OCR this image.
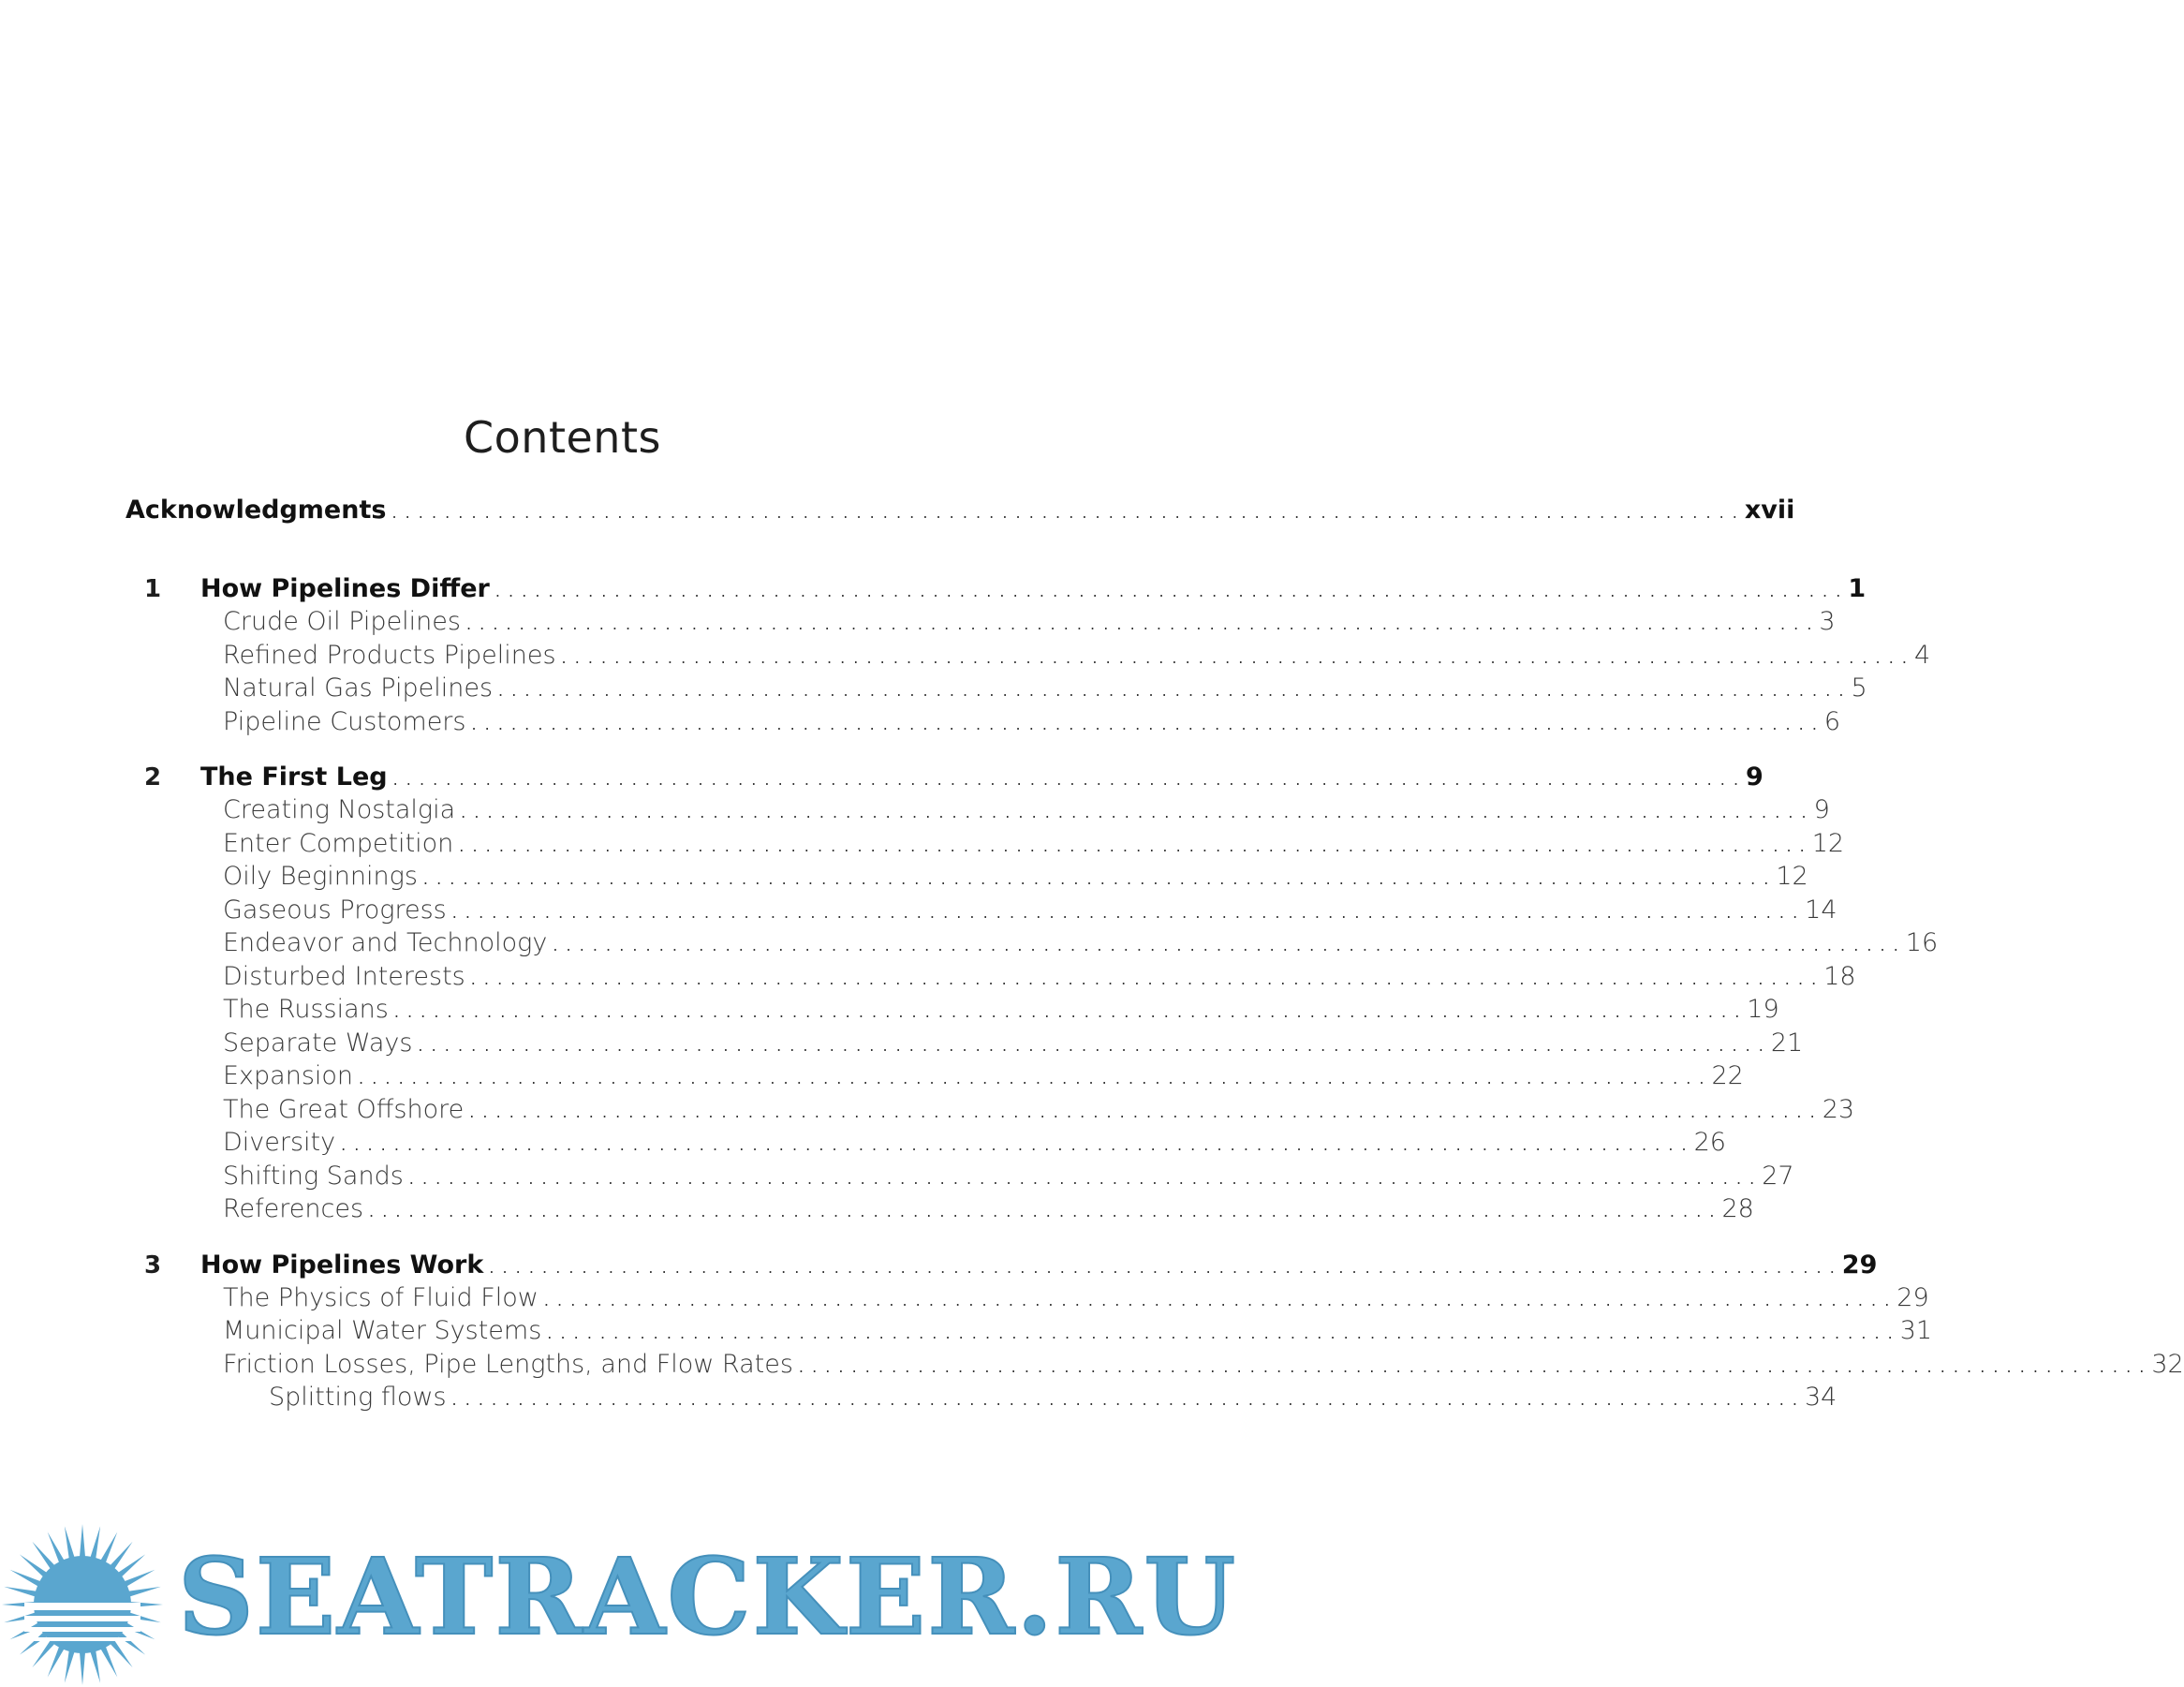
Contents
Acknowledgments . . .	xvii
1	How Pipelines Differ . . .	1
Crude Oil Pipelines . . .	3
Refined Products Pipelines . . .	4
Natural Gas Pipelines . . .	5
Pipeline Customers . . .	6
2	The First Leg . . .	9
Creating Nostalgia . . .	9
Enter Competition . . .	12
Oily Beginnings . . .	12
Gaseous Progress . . .	14
Endeavor and Technology . . .	16
Disturbed Interests . . .	18
The Russians . . .	19
Separate Ways . . .	21
Expansion . . .	22
The Great Offshore . . .	23
Diversity . . .	26
Shifting Sands . . .	27
References . . .	28
3	How Pipelines Work . . .	29
The Physics of Fluid Flow . . .	29
Municipal Water Systems . . .	31
Friction Losses, Pipe Lengths, and Flow Rates . . .	32
Splitting flows . . .	34
SEATRACKER.RU
